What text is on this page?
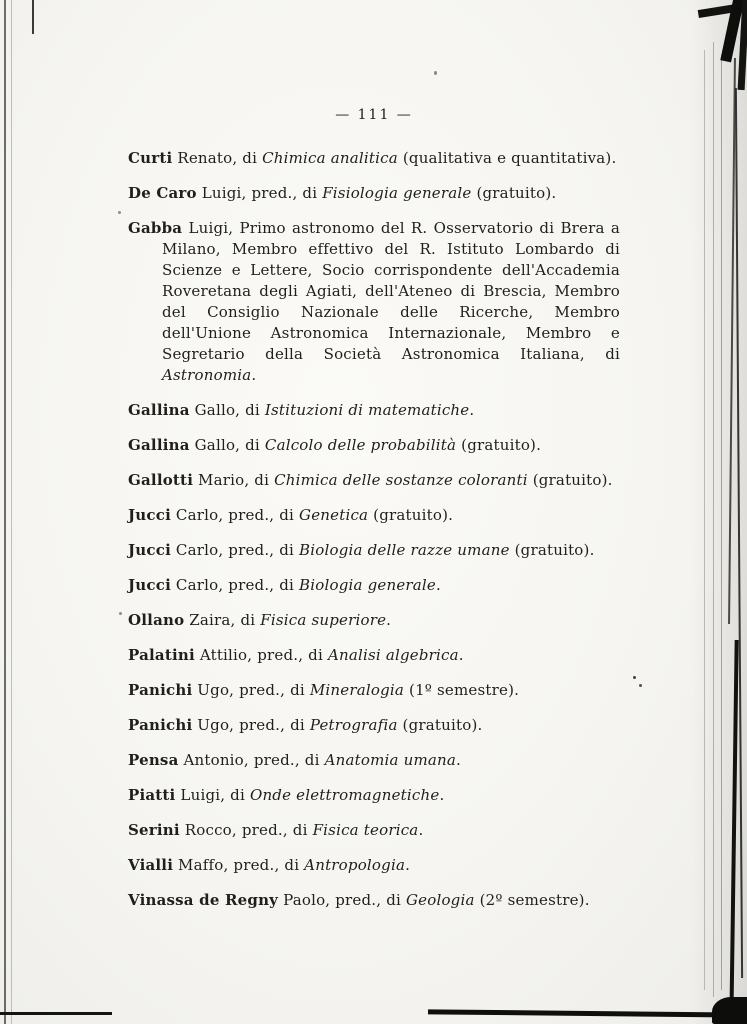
— 111 —

Curti Renato, di Chimica analitica (qualitativa e quantitativa).

De Caro Luigi, pred., di Fisiologia generale (gratuito).

Gabba Luigi, Primo astronomo del R. Osservatorio di Brera a Milano, Membro effettivo del R. Istituto Lombardo di Scienze e Lettere, Socio corrispondente dell'Accademia Roveretana degli Agiati, dell'Ateneo di Brescia, Membro del Consiglio Nazionale delle Ricerche, Membro dell'Unione Astronomica Internazionale, Membro e Segretario della Società Astronomica Italiana, di Astronomia.

Gallina Gallo, di Istituzioni di matematiche.

Gallina Gallo, di Calcolo delle probabilità (gratuito).

Gallotti Mario, di Chimica delle sostanze coloranti (gratuito).

Jucci Carlo, pred., di Genetica (gratuito).

Jucci Carlo, pred., di Biologia delle razze umane (gratuito).

Jucci Carlo, pred., di Biologia generale.

Ollano Zaira, di Fisica superiore.

Palatini Attilio, pred., di Analisi algebrica.

Panichi Ugo, pred., di Mineralogia (1º semestre).

Panichi Ugo, pred., di Petrografia (gratuito).

Pensa Antonio, pred., di Anatomia umana.

Piatti Luigi, di Onde elettromagnetiche.

Serini Rocco, pred., di Fisica teorica.

Vialli Maffo, pred., di Antropologia.

Vinassa de Regny Paolo, pred., di Geologia (2º semestre).
